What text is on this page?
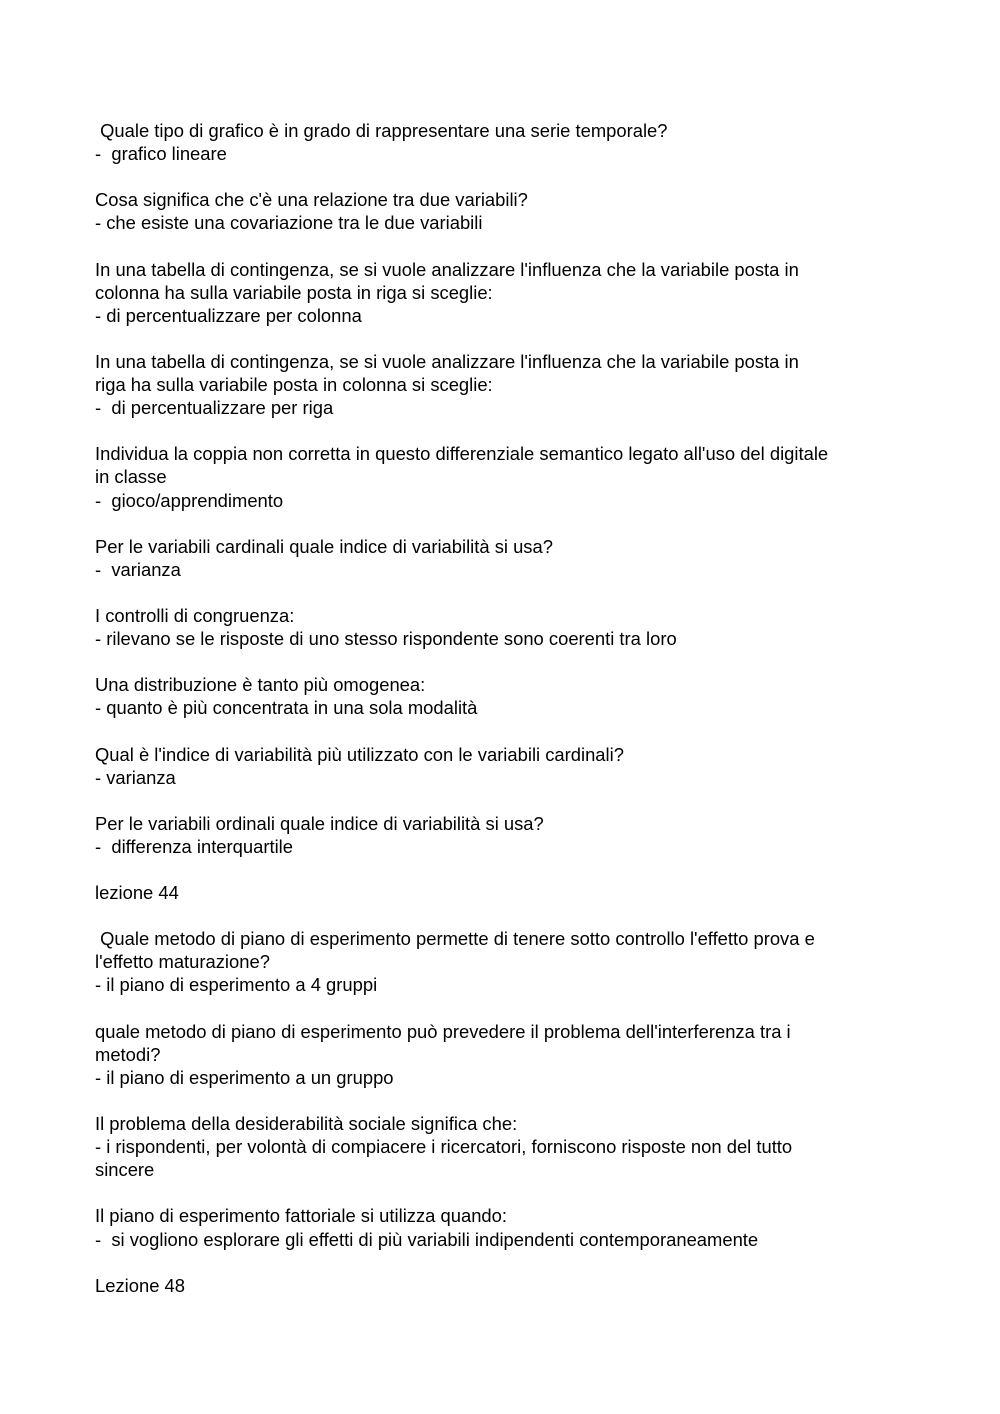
Quale tipo di grafico è in grado di rappresentare una serie temporale?
-  grafico lineare
Cosa significa che c'è una relazione tra due variabili?
- che esiste una covariazione tra le due variabili
In una tabella di contingenza, se si vuole analizzare l'influenza che la variabile posta in
colonna ha sulla variabile posta in riga si sceglie:
- di percentualizzare per colonna
In una tabella di contingenza, se si vuole analizzare l'influenza che la variabile posta in
riga ha sulla variabile posta in colonna si sceglie:
-  di percentualizzare per riga
Individua la coppia non corretta in questo differenziale semantico legato all'uso del digitale
in classe
-  gioco/apprendimento
Per le variabili cardinali quale indice di variabilità si usa?
-  varianza
I controlli di congruenza:
- rilevano se le risposte di uno stesso rispondente sono coerenti tra loro
Una distribuzione è tanto più omogenea:
- quanto è più concentrata in una sola modalità
Qual è l'indice di variabilità più utilizzato con le variabili cardinali?
- varianza
Per le variabili ordinali quale indice di variabilità si usa?
-  differenza interquartile
lezione 44
Quale metodo di piano di esperimento permette di tenere sotto controllo l'effetto prova e
l'effetto maturazione?
- il piano di esperimento a 4 gruppi
quale metodo di piano di esperimento può prevedere il problema dell'interferenza tra i
metodi?
- il piano di esperimento a un gruppo
Il problema della desiderabilità sociale significa che:
- i rispondenti, per volontà di compiacere i ricercatori, forniscono risposte non del tutto
sincere
Il piano di esperimento fattoriale si utilizza quando:
-  si vogliono esplorare gli effetti di più variabili indipendenti contemporaneamente
Lezione 48
